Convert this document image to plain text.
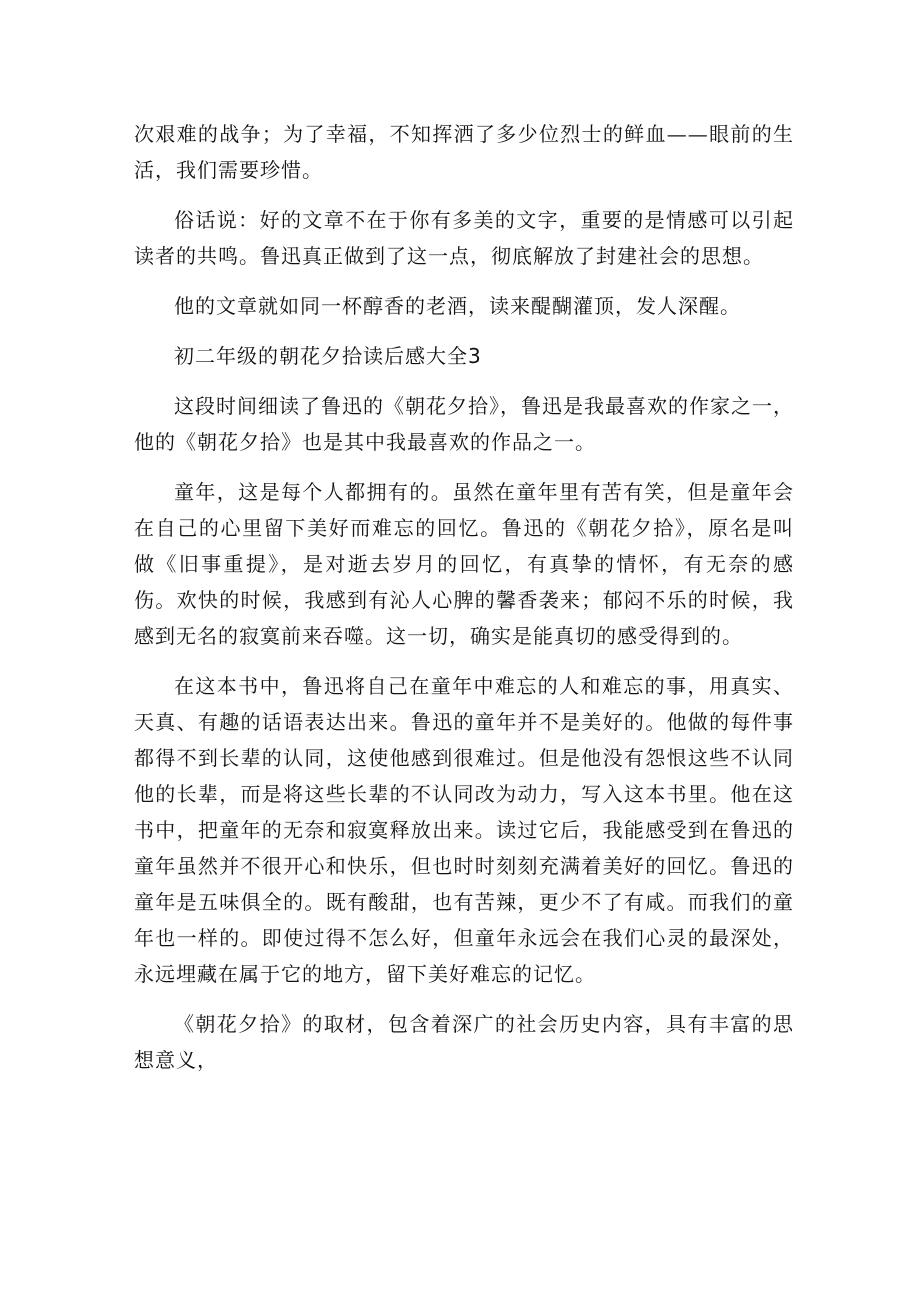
次艰难的战争；为了幸福，不知挥洒了多少位烈士的鲜血——眼前的生活，我们需要珍惜。

俗话说：好的文章不在于你有多美的文字，重要的是情感可以引起读者的共鸣。鲁迅真正做到了这一点，彻底解放了封建社会的思想。

他的文章就如同一杯醇香的老酒，读来醍醐灌顶，发人深醒。

初二年级的朝花夕拾读后感大全3

这段时间细读了鲁迅的《朝花夕拾》，鲁迅是我最喜欢的作家之一，他的《朝花夕拾》也是其中我最喜欢的作品之一。

童年，这是每个人都拥有的。虽然在童年里有苦有笑，但是童年会在自己的心里留下美好而难忘的回忆。鲁迅的《朝花夕拾》，原名是叫做《旧事重提》，是对逝去岁月的回忆，有真挚的情怀，有无奈的感伤。欢快的时候，我感到有沁人心脾的馨香袭来；郁闷不乐的时候，我感到无名的寂寞前来吞噬。这一切，确实是能真切的感受得到的。

在这本书中，鲁迅将自己在童年中难忘的人和难忘的事，用真实、天真、有趣的话语表达出来。鲁迅的童年并不是美好的。他做的每件事都得不到长辈的认同，这使他感到很难过。但是他没有怨恨这些不认同他的长辈，而是将这些长辈的不认同改为动力，写入这本书里。他在这书中，把童年的无奈和寂寞释放出来。读过它后，我能感受到在鲁迅的童年虽然并不很开心和快乐，但也时时刻刻充满着美好的回忆。鲁迅的童年是五味俱全的。既有酸甜，也有苦辣，更少不了有咸。而我们的童年也一样的。即使过得不怎么好，但童年永远会在我们心灵的最深处，永远埋藏在属于它的地方，留下美好难忘的记忆。

《朝花夕拾》的取材，包含着深广的社会历史内容，具有丰富的思想意义，
